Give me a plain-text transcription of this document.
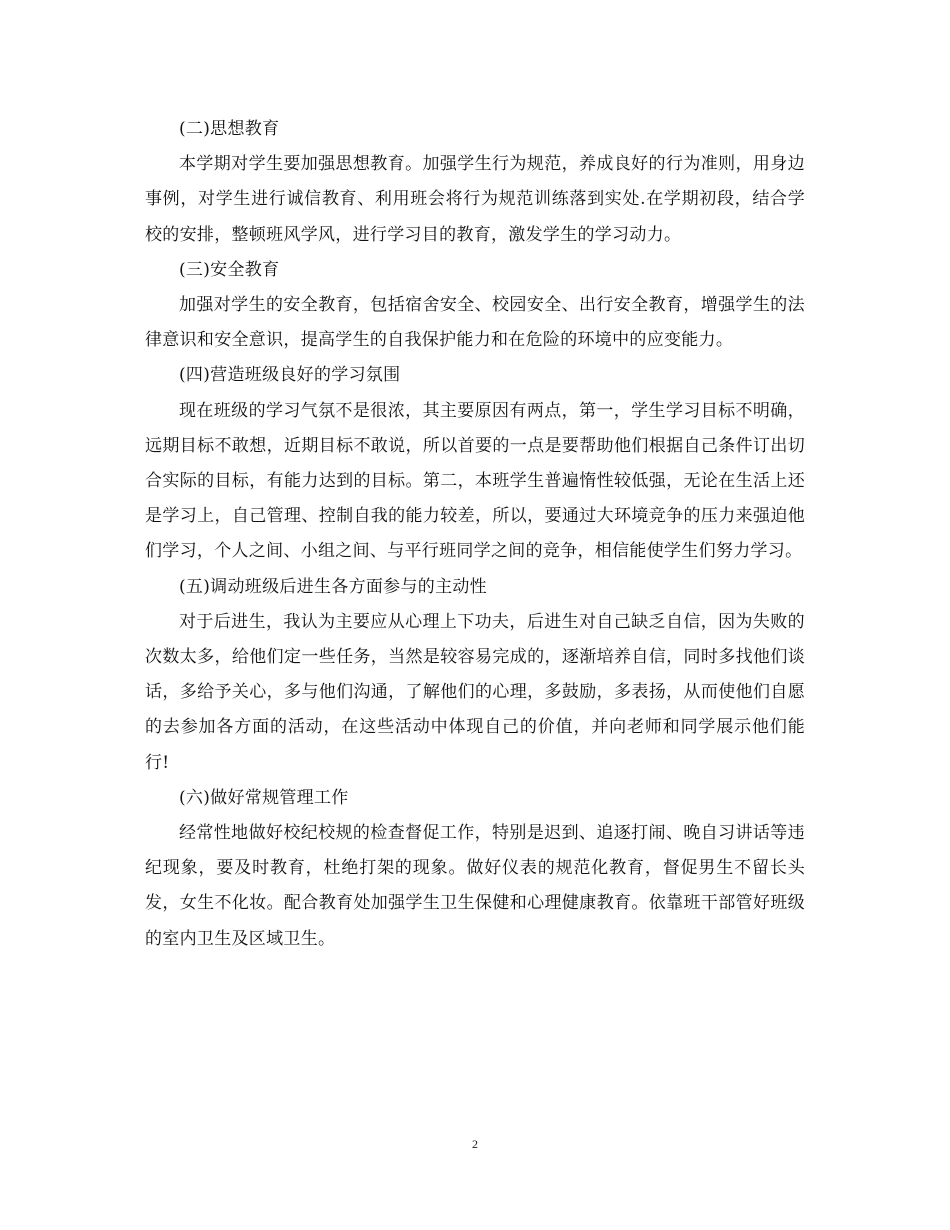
(二)思想教育

本学期对学生要加强思想教育。加强学生行为规范，养成良好的行为准则，用身边事例，对学生进行诚信教育、利用班会将行为规范训练落到实处.在学期初段，结合学校的安排，整顿班风学风，进行学习目的教育，激发学生的学习动力。

(三)安全教育

加强对学生的安全教育，包括宿舍安全、校园安全、出行安全教育，增强学生的法律意识和安全意识，提高学生的自我保护能力和在危险的环境中的应变能力。

(四)营造班级良好的学习氛围

现在班级的学习气氛不是很浓，其主要原因有两点，第一，学生学习目标不明确，远期目标不敢想，近期目标不敢说，所以首要的一点是要帮助他们根据自己条件订出切合实际的目标，有能力达到的目标。第二，本班学生普遍惰性较低强，无论在生活上还是学习上，自己管理、控制自我的能力较差，所以，要通过大环境竞争的压力来强迫他们学习，个人之间、小组之间、与平行班同学之间的竞争，相信能使学生们努力学习。

(五)调动班级后进生各方面参与的主动性

对于后进生，我认为主要应从心理上下功夫，后进生对自己缺乏自信，因为失败的次数太多，给他们定一些任务，当然是较容易完成的，逐渐培养自信，同时多找他们谈话，多给予关心，多与他们沟通，了解他们的心理，多鼓励，多表扬，从而使他们自愿的去参加各方面的活动，在这些活动中体现自己的价值，并向老师和同学展示他们能行!

(六)做好常规管理工作

经常性地做好校纪校规的检查督促工作，特别是迟到、追逐打闹、晚自习讲话等违纪现象，要及时教育，杜绝打架的现象。做好仪表的规范化教育，督促男生不留长头发，女生不化妆。配合教育处加强学生卫生保健和心理健康教育。依靠班干部管好班级的室内卫生及区域卫生。

2
